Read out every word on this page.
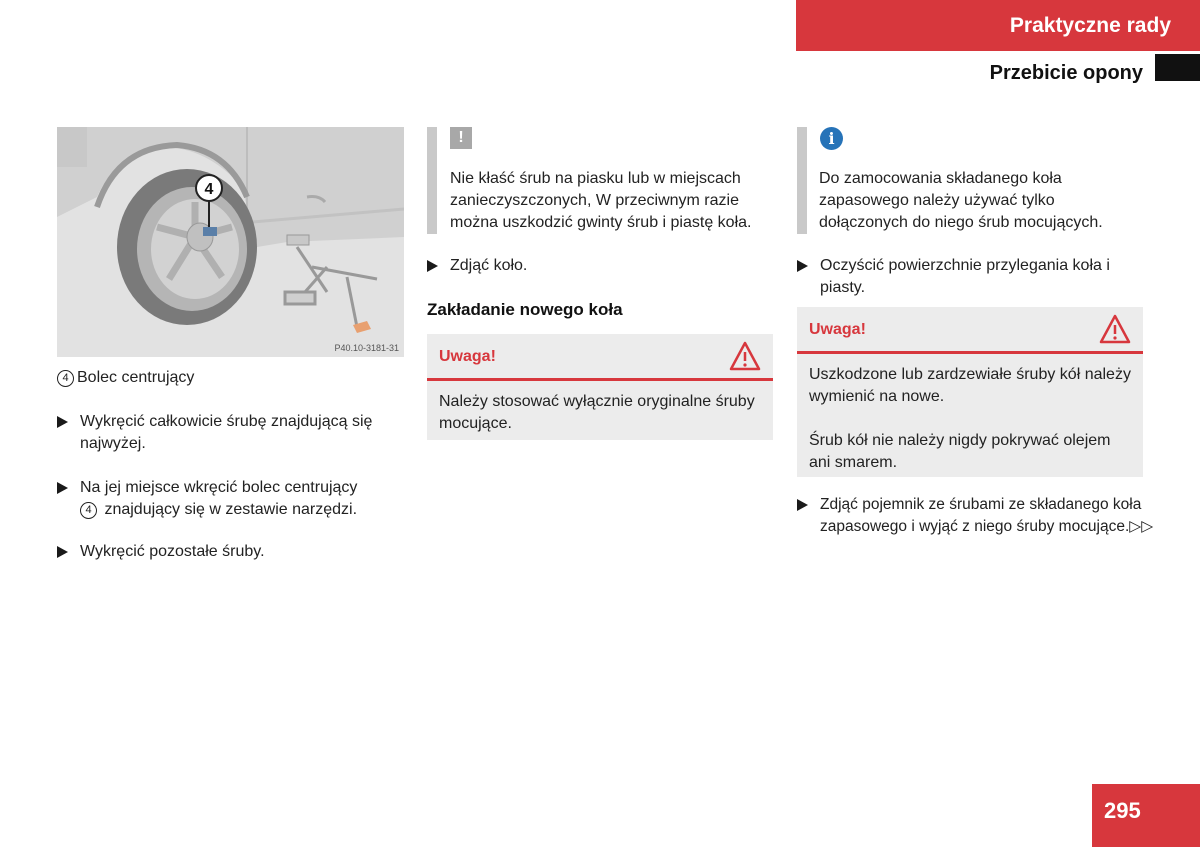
Praktyczne rady
Przebicie opony
4
P40.10-3181-31
4 Bolec centrujący
Wykręcić całkowicie śrubę znajdującą się najwyżej.
Na jej miejsce wkręcić bolec centrujący
4 znajdujący się w zestawie narzędzi.
Wykręcić pozostałe śruby.
!
Nie kłaść śrub na piasku lub w miejscach zanieczyszczonych, W przeciwnym razie można uszkodzić gwinty śrub i piastę koła.
Zdjąć koło.
Zakładanie nowego koła
Uwaga!
Należy stosować wyłącznie oryginalne śruby mocujące.
i
Do zamocowania składanego koła zapasowego należy używać tylko dołączonych do niego śrub mocujących.
Oczyścić powierzchnie przylegania koła i piasty.
Uwaga!
Uszkodzone lub zardzewiałe śruby kół należy wymienić na nowe.
Śrub kół nie należy nigdy pokrywać olejem ani smarem.
Zdjąć pojemnik ze śrubami ze składanego koła zapasowego i wyjąć z niego śruby mocujące.▷▷
295
